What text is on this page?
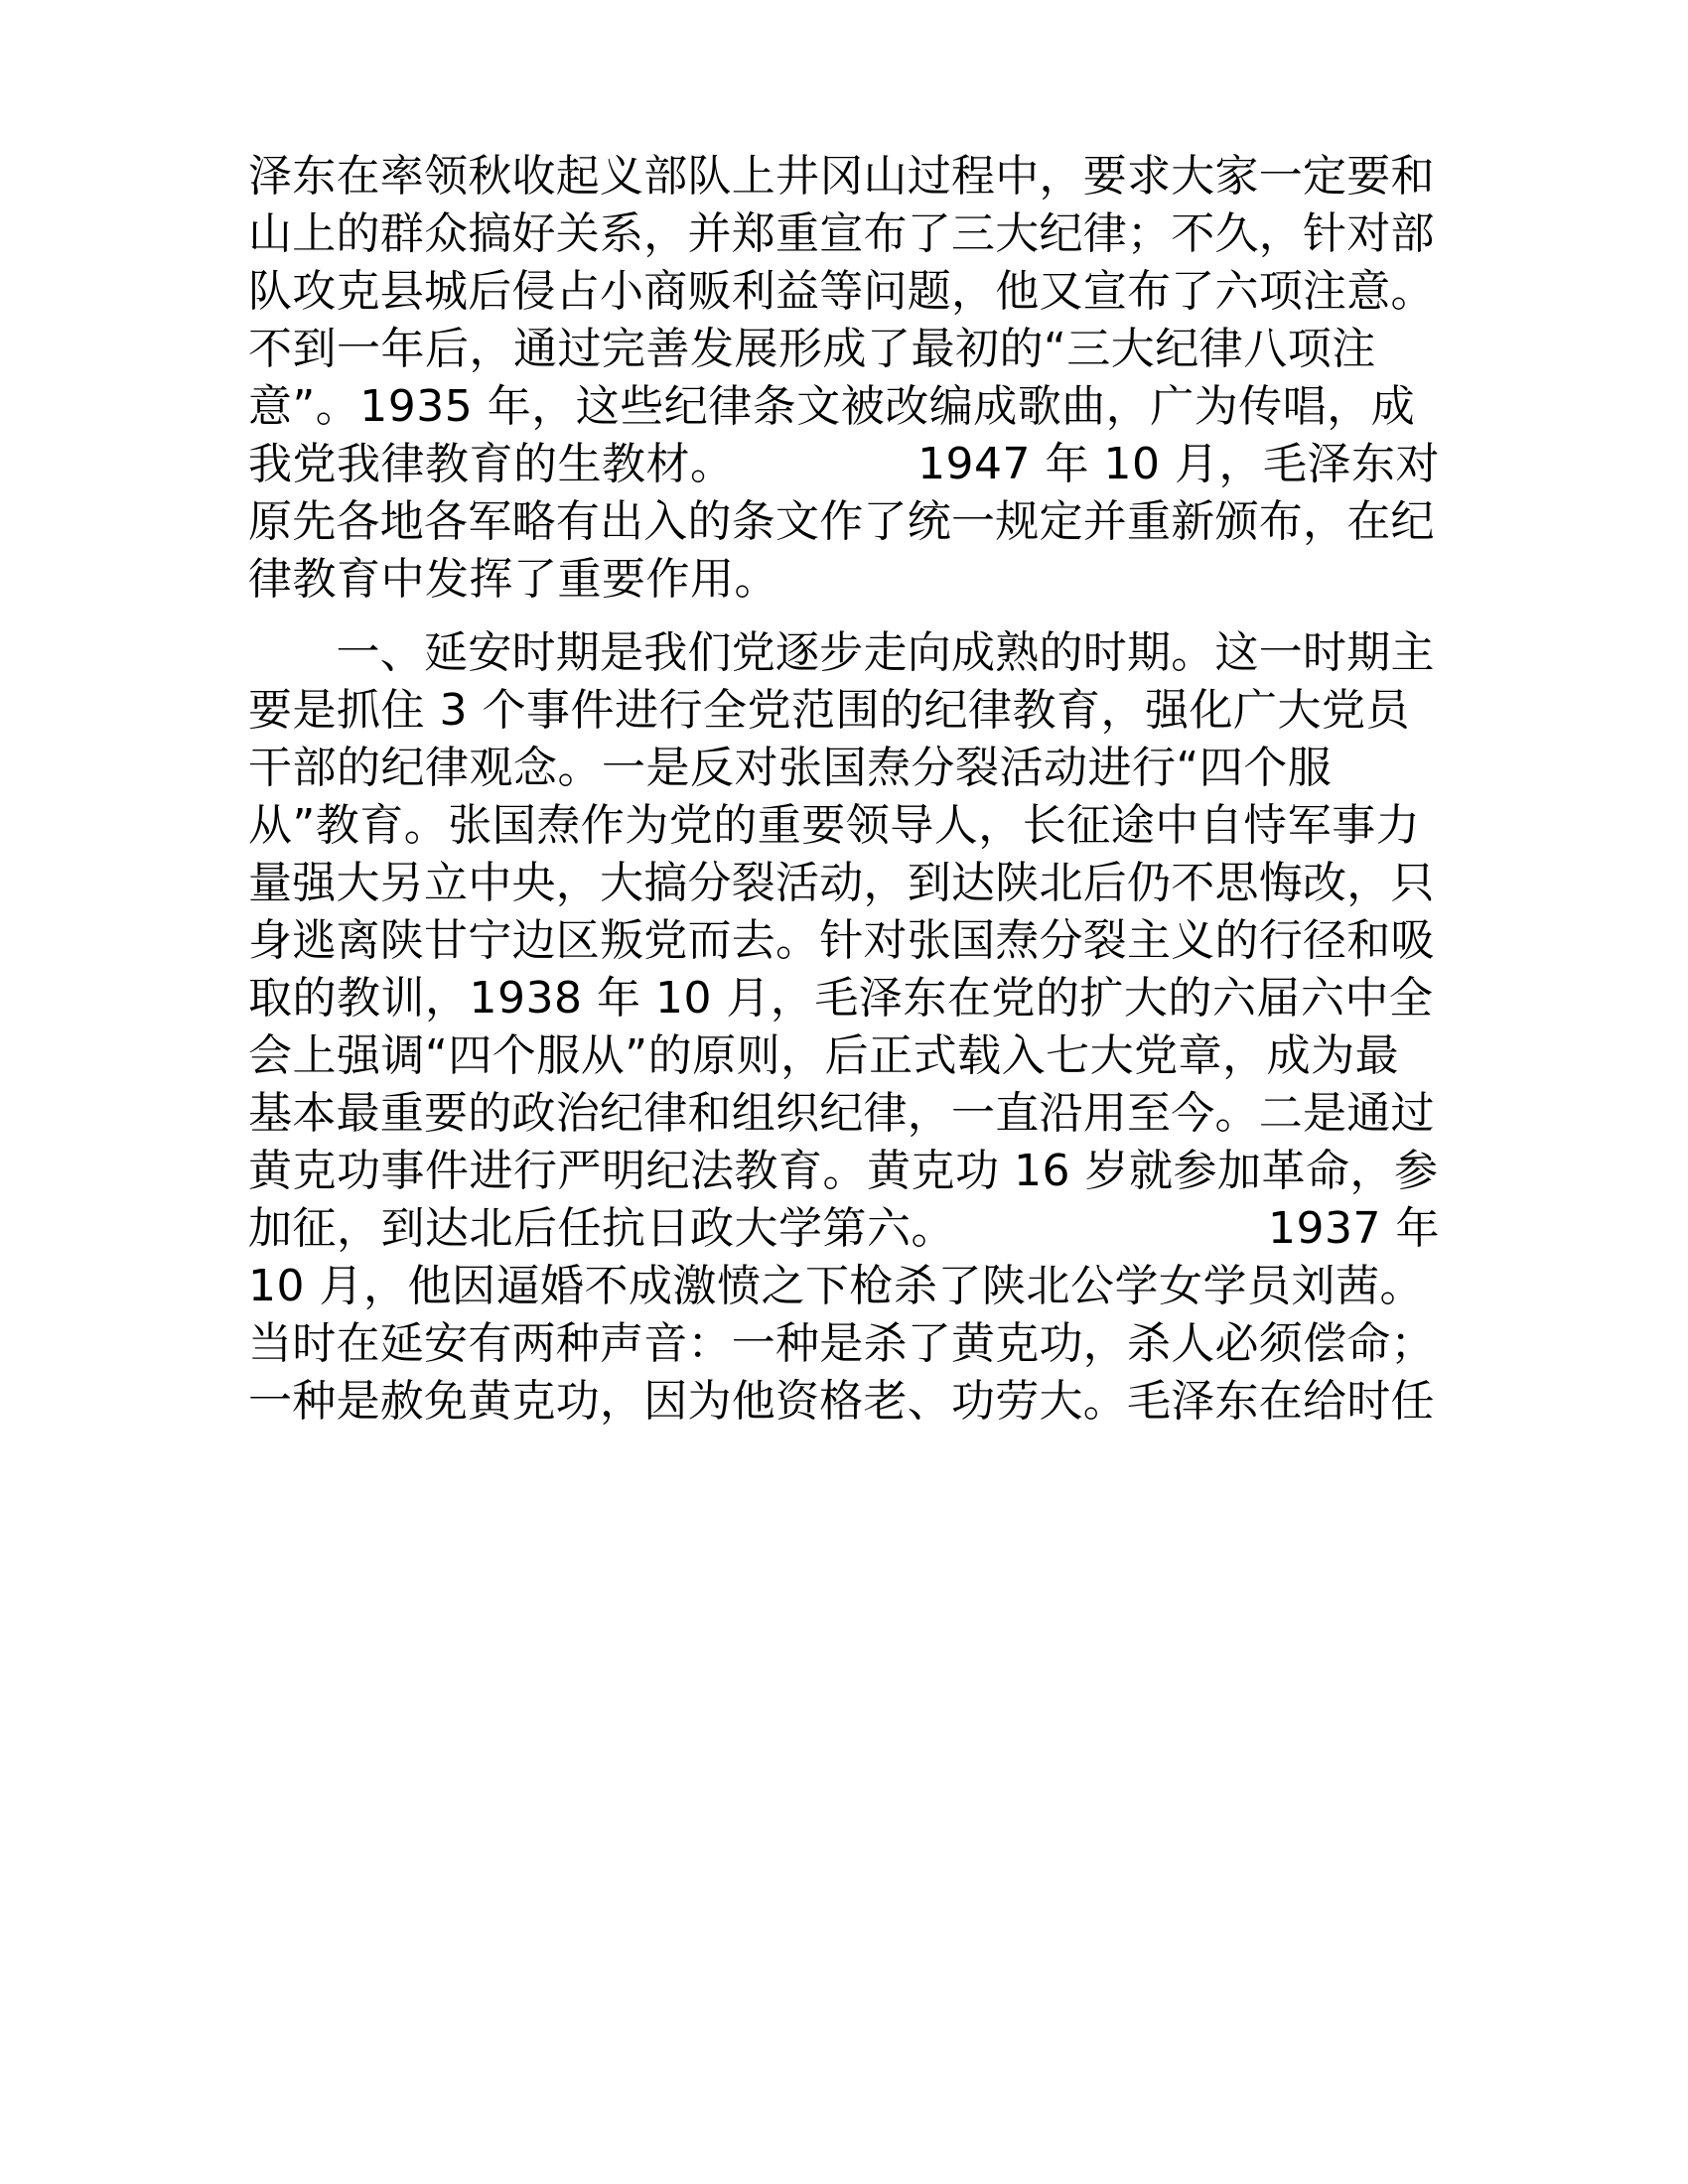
泽东在率领秋收起义部队上井冈山过程中，要求大家一定要和
山上的群众搞好关系，并郑重宣布了三大纪律；不久，针对部
队攻克县城后侵占小商贩利益等问题，他又宣布了六项注意。
不到一年后，通过完善发展形成了最初的“三大纪律八项注
意”。1935 年，这些纪律条文被改编成歌曲，广为传唱，成
我党我律教育的生教材。	1947 年 10 月，毛泽东对
原先各地各军略有出入的条文作了统一规定并重新颁布，在纪
律教育中发挥了重要作用。
　　一、延安时期是我们党逐步走向成熟的时期。这一时期主
要是抓住 3 个事件进行全党范围的纪律教育，强化广大党员
干部的纪律观念。一是反对张国焘分裂活动进行“四个服
从”教育。张国焘作为党的重要领导人，长征途中自恃军事力
量强大另立中央，大搞分裂活动，到达陕北后仍不思悔改，只
身逃离陕甘宁边区叛党而去。针对张国焘分裂主义的行径和吸
取的教训，1938 年 10 月，毛泽东在党的扩大的六届六中全
会上强调“四个服从”的原则，后正式载入七大党章，成为最
基本最重要的政治纪律和组织纪律，一直沿用至今。二是通过
黄克功事件进行严明纪法教育。黄克功 16 岁就参加革命，参
加征，到达北后任抗日政大学第六。	1937 年
10 月，他因逼婚不成激愤之下枪杀了陕北公学女学员刘茜。
当时在延安有两种声音：一种是杀了黄克功，杀人必须偿命；
一种是赦免黄克功，因为他资格老、功劳大。毛泽东在给时任
